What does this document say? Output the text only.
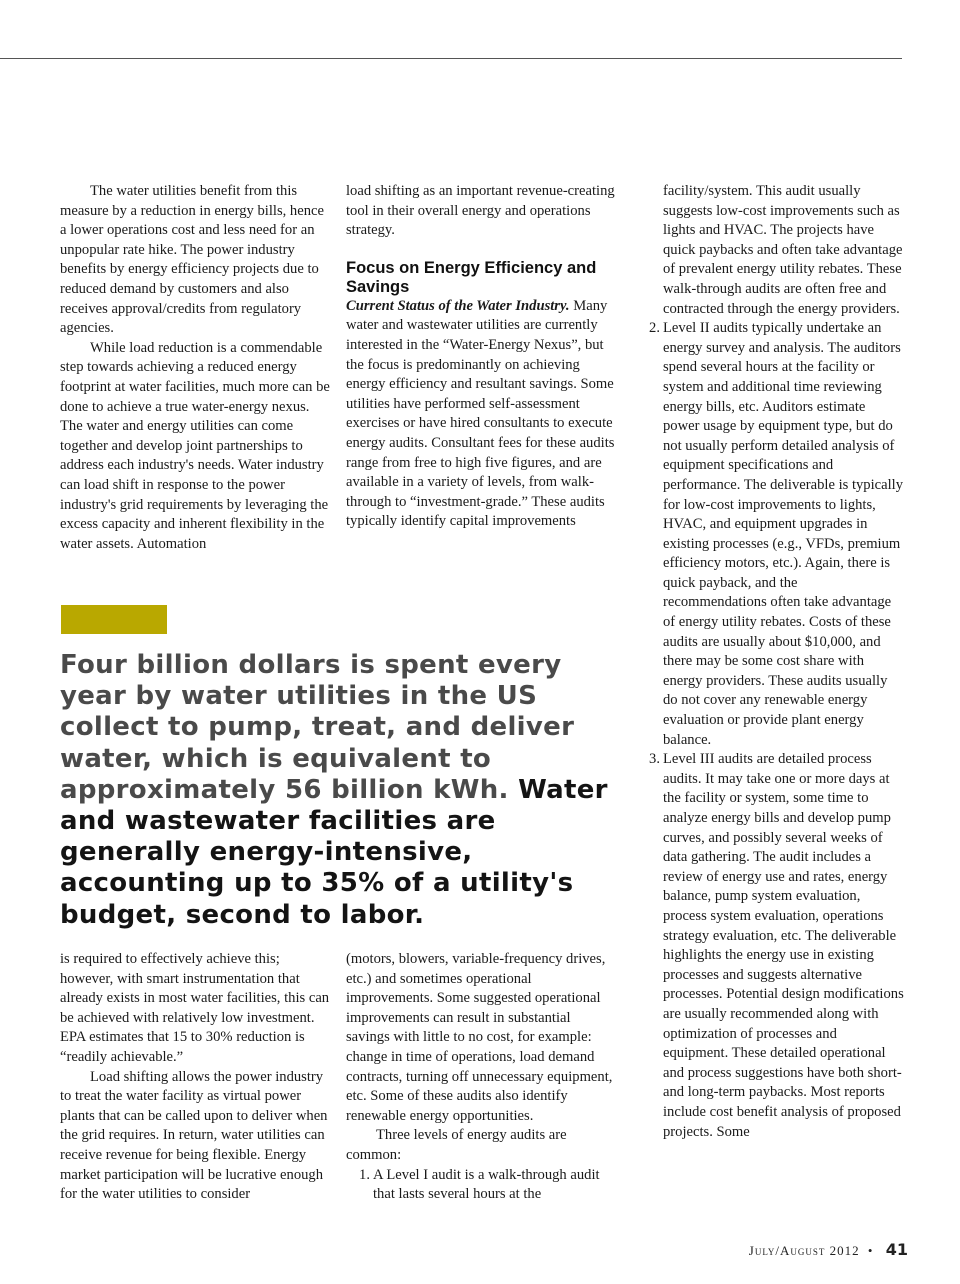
The water utilities benefit from this measure by a reduction in energy bills, hence a lower operations cost and less need for an unpopular rate hike. The power industry benefits by energy efficiency projects due to reduced demand by customers and also receives approval/credits from regulatory agencies.

While load reduction is a commendable step towards achieving a reduced energy footprint at water facilities, much more can be done to achieve a true water-energy nexus. The water and energy utilities can come together and develop joint partnerships to address each industry's needs. Water industry can load shift in response to the power industry's grid requirements by leveraging the excess capacity and inherent flexibility in the water assets. Automation

load shifting as an important revenue-creating tool in their overall energy and operations strategy.

Focus on Energy Efficiency and Savings

Current Status of the Water Industry. Many water and wastewater utilities are currently interested in the “Water-Energy Nexus”, but the focus is predominantly on achieving energy efficiency and resultant savings. Some utilities have performed self-assessment exercises or have hired consultants to execute energy audits. Consultant fees for these audits range from free to high five figures, and are available in a variety of levels, from walk-through to “investment-grade.” These audits typically identify capital improvements

facility/system. This audit usually suggests low-cost improvements such as lights and HVAC. The projects have quick paybacks and often take advantage of prevalent energy utility rebates. These walk-through audits are often free and contracted through the energy providers.

2. Level II audits typically undertake an energy survey and analysis. The auditors spend several hours at the facility or system and additional time reviewing energy bills, etc. Auditors estimate power usage by equipment type, but do not usually perform detailed analysis of equipment specifications and performance. The deliverable is typically for low-cost improvements to lights, HVAC, and equipment upgrades in existing processes (e.g., VFDs, premium efficiency motors, etc.). Again, there is quick payback, and the recommendations often take advantage of energy utility rebates. Costs of these audits are usually about $10,000, and there may be some cost share with energy providers. These audits usually do not cover any renewable energy evaluation or provide plant energy balance.
3. Level III audits are detailed process audits. It may take one or more days at the facility or system, some time to analyze energy bills and develop pump curves, and possibly several weeks of data gathering. The audit includes a review of energy use and rates, energy balance, pump system evaluation, process system evaluation, operations strategy evaluation, etc. The deliverable highlights the energy use in existing processes and suggests alternative processes. Potential design modifications are usually recommended along with optimization of processes and equipment. These detailed operational and process suggestions have both short- and long-term paybacks. Most reports include cost benefit analysis of proposed projects. Some
Four billion dollars is spent every year by water utilities in the US collect to pump, treat, and deliver water, which is equivalent to approximately 56 billion kWh. Water and wastewater facilities are generally energy-intensive, accounting up to 35% of a utility's budget, second to labor.

is required to effectively achieve this; however, with smart instrumentation that already exists in most water facilities, this can be achieved with relatively low investment. EPA estimates that 15 to 30% reduction is “readily achievable.”

Load shifting allows the power industry to treat the water facility as virtual power plants that can be called upon to deliver when the grid requires. In return, water utilities can receive revenue for being flexible. Energy market participation will be lucrative enough for the water utilities to consider

(motors, blowers, variable-frequency drives, etc.) and sometimes operational improvements. Some suggested operational improvements can result in substantial savings with little to no cost, for example: change in time of operations, load demand contracts, turning off unnecessary equipment, etc. Some of these audits also identify renewable energy opportunities.

Three levels of energy audits are common:

1. A Level I audit is a walk-through audit that lasts several hours at the
July/August 2012 • 41
